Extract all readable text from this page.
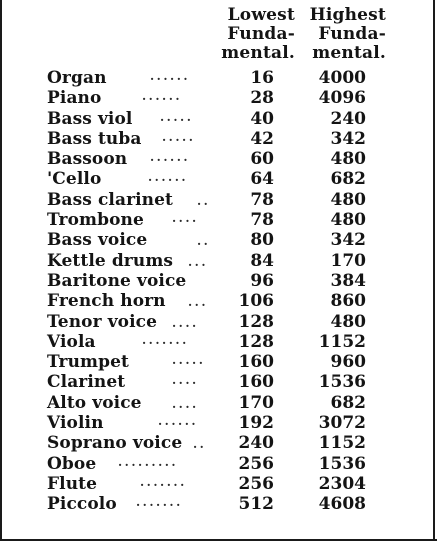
Lowest
Funda-
mental.
Highest
Funda-
mental.
Organ	······	16	4000
Piano	······	28	4096
Bass viol ·····	40	240
Bass tuba ·····	42	342
Bassoon ······	60	480
'Cello	······	64	682
Bass clarinet ..	78	480
Trombone ····	78	480
Bass voice	..	80	342
Kettle drums ...	84	170
Baritone voice	96	384
French horn ...	106	860
Tenor voice ....	128	480
Viola	·······	128	1152
Trumpet	·····	160	960
Clarinet	····	160	1536
Alto voice	....	170	682
Violin	······	192	3072
Soprano voice ..	240	1152
Oboe ·········	256	1536
Flute	·······	256	2304
Piccolo ·······	512	4608
